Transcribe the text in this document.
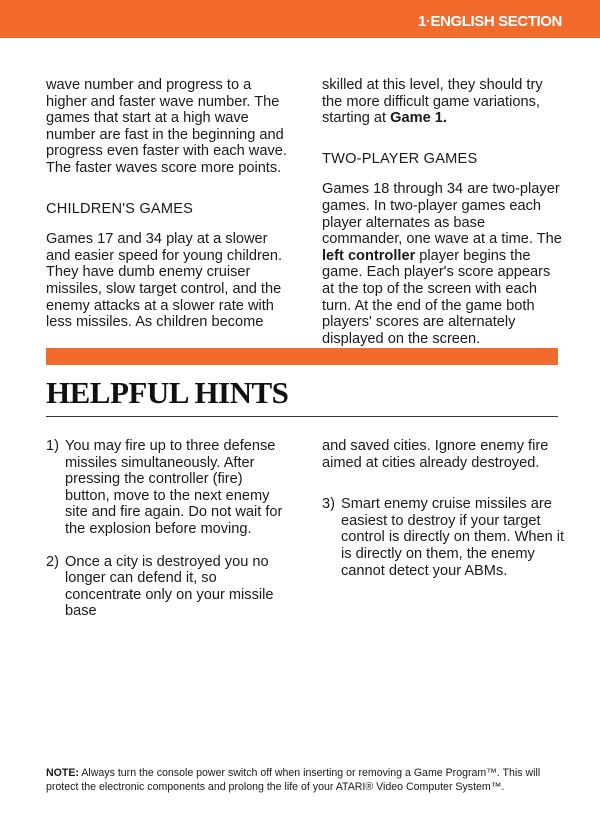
1·ENGLISH SECTION

wave number and progress to a higher and faster wave number. The games that start at a high wave number are fast in the beginning and progress even faster with each wave. The faster waves score more points.

CHILDREN'S GAMES

Games 17 and 34 play at a slower and easier speed for young children. They have dumb enemy cruiser missiles, slow target control, and the enemy attacks at a slower rate with less missiles. As children become

skilled at this level, they should try the more difficult game variations, starting at Game 1.

TWO-PLAYER GAMES

Games 18 through 34 are two-player games. In two-player games each player alternates as base commander, one wave at a time. The left controller player begins the game. Each player's score appears at the top of the screen with each turn. At the end of the game both players' scores are alternately displayed on the screen.

HELPFUL HINTS
1) You may fire up to three defense missiles simultaneously. After pressing the controller (fire) button, move to the next enemy site and fire again. Do not wait for the explosion before moving.
2) Once a city is destroyed you no longer can defend it, so concentrate only on your missile base
and saved cities. Ignore enemy fire aimed at cities already destroyed.
3) Smart enemy cruise missiles are easiest to destroy if your target control is directly on them. When it is directly on them, the enemy cannot detect your ABMs.
NOTE: Always turn the console power switch off when inserting or removing a Game Program™. This will protect the electronic components and prolong the life of your ATARI® Video Computer System™.
